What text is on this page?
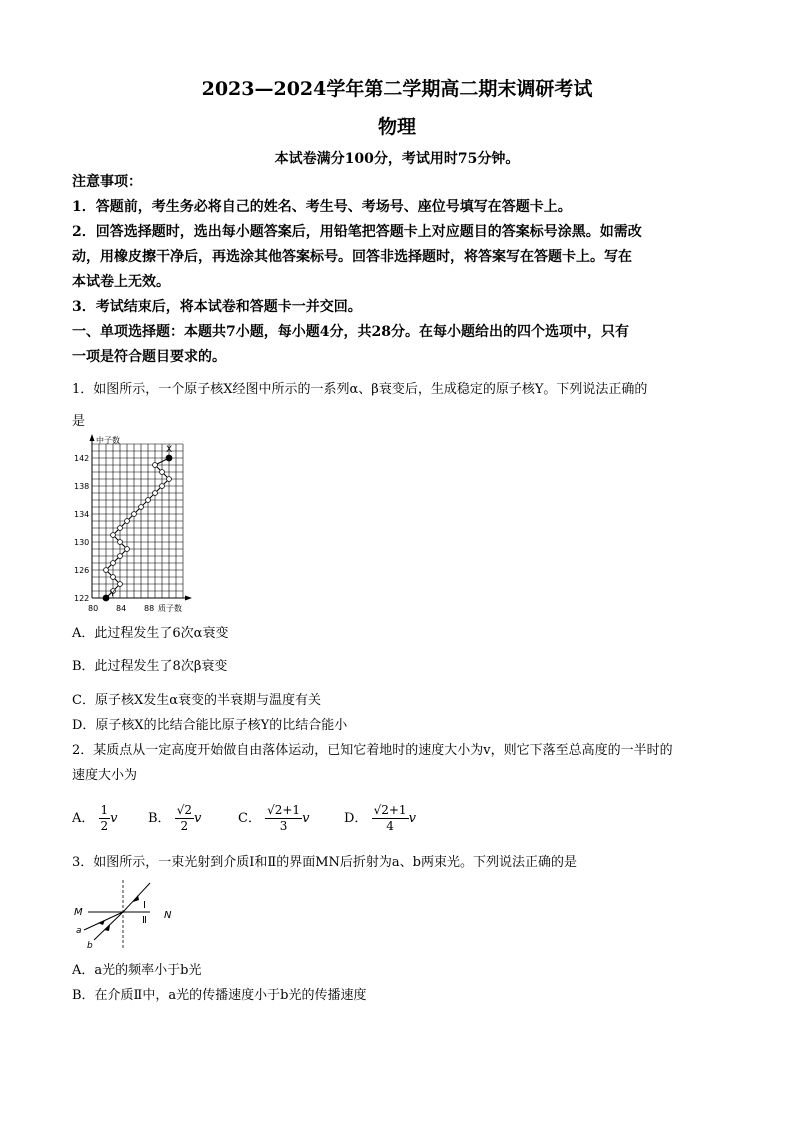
2023—2024学年第二学期高二期末调研考试
物理
本试卷满分100分，考试用时75分钟。
注意事项：
1．答题前，考生务必将自己的姓名、考生号、考场号、座位号填写在答题卡上。
2．回答选择题时，选出每小题答案后，用铅笔把答题卡上对应题目的答案标号涂黑。如需改
动，用橡皮擦干净后，再选涂其他答案标号。回答非选择题时，将答案写在答题卡上。写在
本试卷上无效。
3．考试结束后，将本试卷和答题卡一并交回。
一、单项选择题：本题共7小题，每小题4分，共28分。在每小题给出的四个选项中，只有
一项是符合题目要求的。
1．如图所示，一个原子核X经图中所示的一系列α、β衰变后，生成稳定的原子核Y。下列说法正确的
是
中子数
质子数
142
138
134
130
126
122
80 84 88
X
Y
A．此过程发生了6次α衰变
B．此过程发生了8次β衰变
C．原子核X发生α衰变的半衰期与温度有关
D．原子核X的比结合能比原子核Y的比结合能小
2．某质点从一定高度开始做自由落体运动，已知它着地时的速度大小为v，则它下落至总高度的一半时的
速度大小为
A． $\frac{1}{2}$ v B． $\frac{√2}{2}$ v	C． $\frac{√2+1}{3}$ v	D． $\frac{√2+1}{4}$ v
3．如图所示，一束光射到介质Ⅰ和Ⅱ的界面MN后折射为a、b两束光。下列说法正确的是
M	N
Ⅰ
Ⅱ
a
b
A．a光的频率小于b光
B．在介质Ⅱ中，a光的传播速度小于b光的传播速度
